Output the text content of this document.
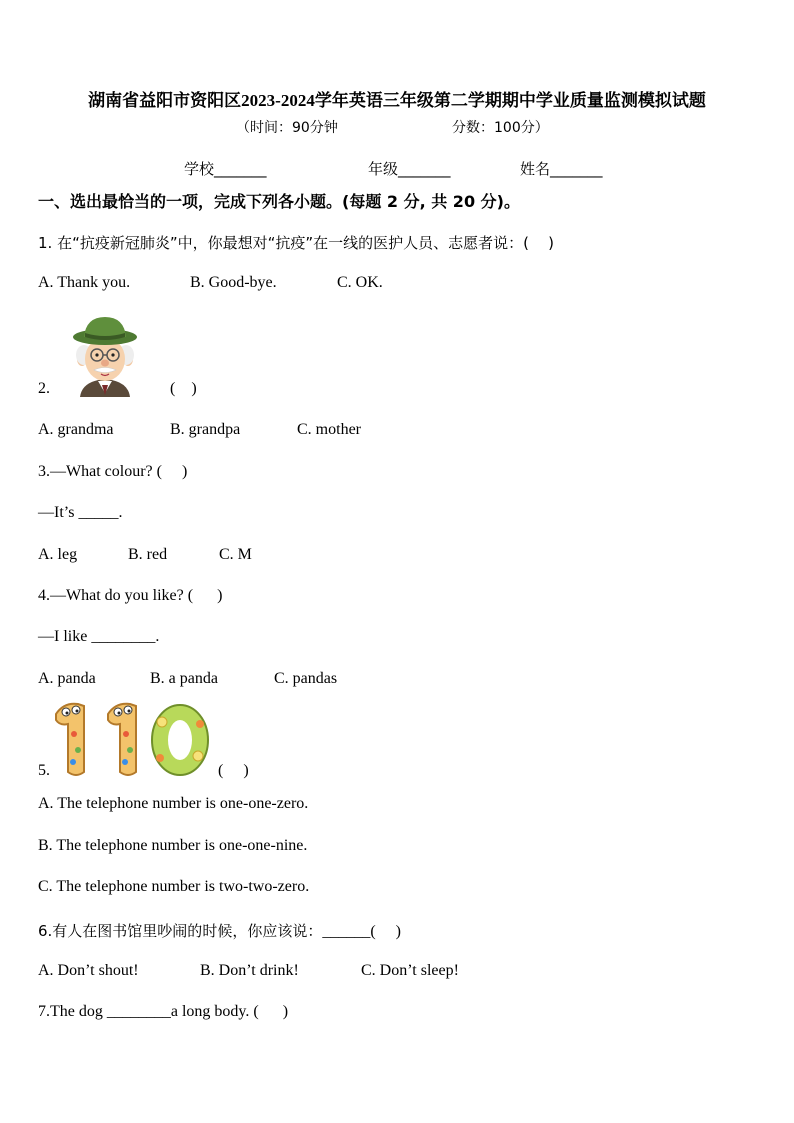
湖南省益阳市资阳区2023-2024学年英语三年级第二学期期中学业质量监测模拟试题
（时间：90分钟	分数：100分）
学校_______	年级_______	姓名_______
一、选出最恰当的一项，完成下列各小题。(每题 2 分, 共 20 分)。
1. 在“抗疫新冠肺炎”中，你最想对“抗疫”在一线的医护人员、志愿者说：(    )
A. Thank you.	B. Good-bye.	C. OK.
2.	(    )
A. grandma	B. grandpa	C. mother
3.—What colour? (     )
—It’s _____.
A. leg	B. red	C. M
4.—What do you like? (      )
—I like ________.
A. panda	B. a panda	C. pandas
5.	(     )
A. The telephone number is one-one-zero.
B. The telephone number is one-one-nine.
C. The telephone number is two-two-zero.
6.有人在图书馆里吵闹的时候，你应该说：______(     )
A. Don’t shout!	B. Don’t drink!	C. Don’t sleep!
7.The dog ________a long body. (      )
